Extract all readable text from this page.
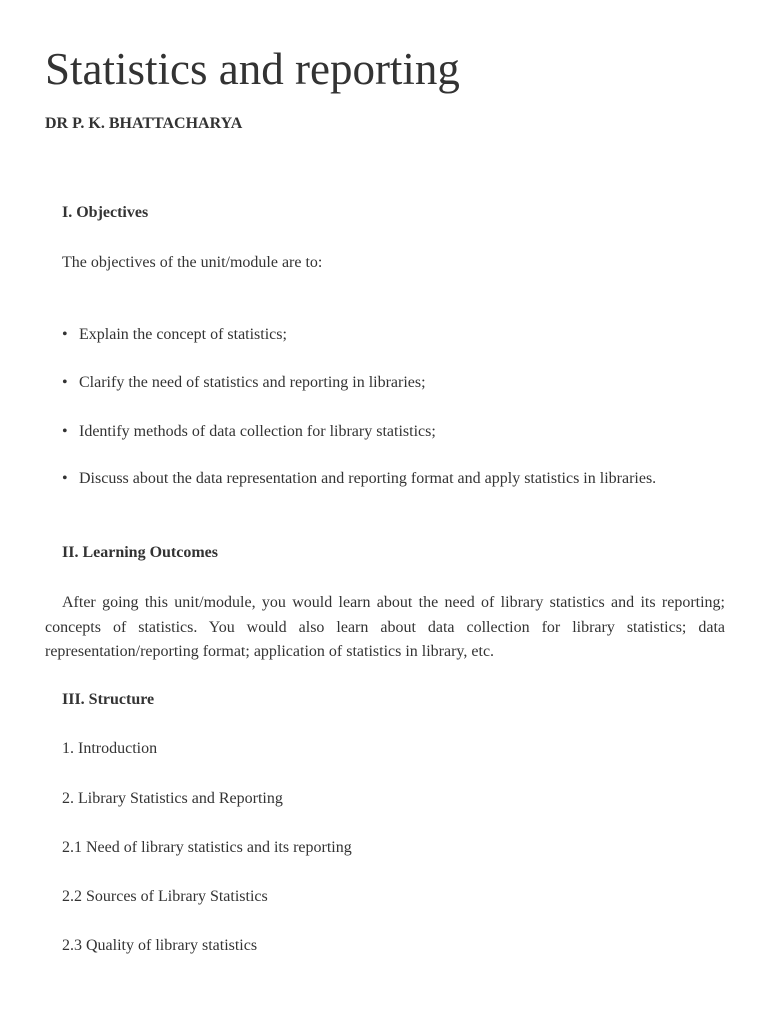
Statistics and reporting
DR P. K. BHATTACHARYA
I. Objectives
The objectives of the unit/module are to:
• Explain the concept of statistics;
• Clarify the need of statistics and reporting in libraries;
• Identify methods of data collection for library statistics;
• Discuss about the data representation and reporting format and apply statistics in libraries.
II. Learning Outcomes

After going this unit/module, you would learn about the need of library statistics and its reporting; concepts of statistics. You would also learn about data collection for library statistics; data representation/reporting format; application of statistics in library, etc.

III. Structure
1. Introduction
2. Library Statistics and Reporting
2.1 Need of library statistics and its reporting
2.2 Sources of Library Statistics
2.3 Quality of library statistics
